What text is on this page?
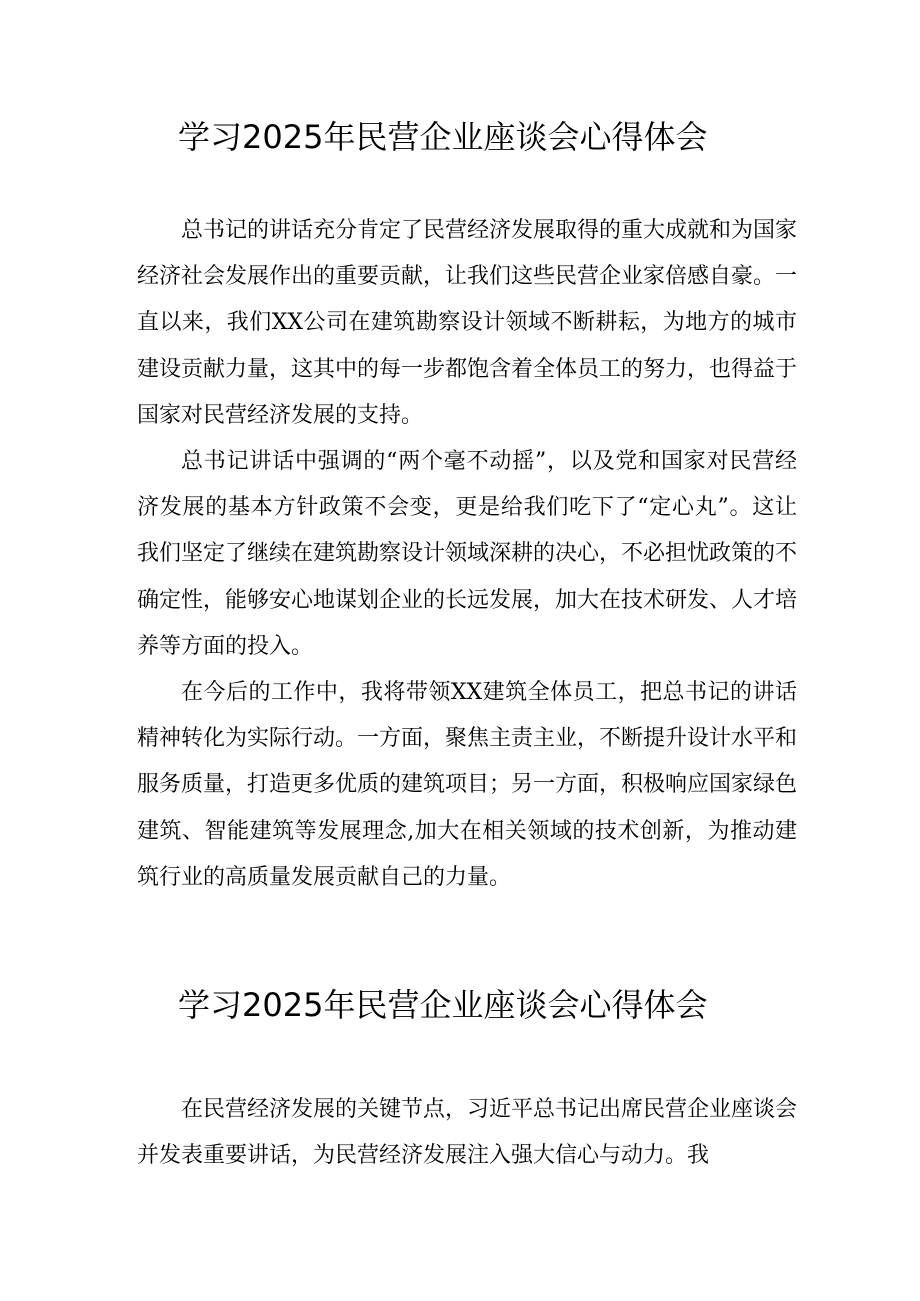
学习2025年民营企业座谈会心得体会

总书记的讲话充分肯定了民营经济发展取得的重大成就和为国家经济社会发展作出的重要贡献，让我们这些民营企业家倍感自豪。一直以来，我们XX公司在建筑勘察设计领域不断耕耘，为地方的城市建设贡献力量，这其中的每一步都饱含着全体员工的努力，也得益于国家对民营经济发展的支持。

总书记讲话中强调的“两个毫不动摇”，以及党和国家对民营经济发展的基本方针政策不会变，更是给我们吃下了“定心丸”。这让我们坚定了继续在建筑勘察设计领域深耕的决心，不必担忧政策的不确定性，能够安心地谋划企业的长远发展，加大在技术研发、人才培养等方面的投入。

在今后的工作中，我将带领XX建筑全体员工，把总书记的讲话精神转化为实际行动。一方面，聚焦主责主业，不断提升设计水平和服务质量，打造更多优质的建筑项目；另一方面，积极响应国家绿色建筑、智能建筑等发展理念,加大在相关领域的技术创新，为推动建筑行业的高质量发展贡献自己的力量。

学习2025年民营企业座谈会心得体会

在民营经济发展的关键节点，习近平总书记出席民营企业座谈会并发表重要讲话，为民营经济发展注入强大信心与动力。我
